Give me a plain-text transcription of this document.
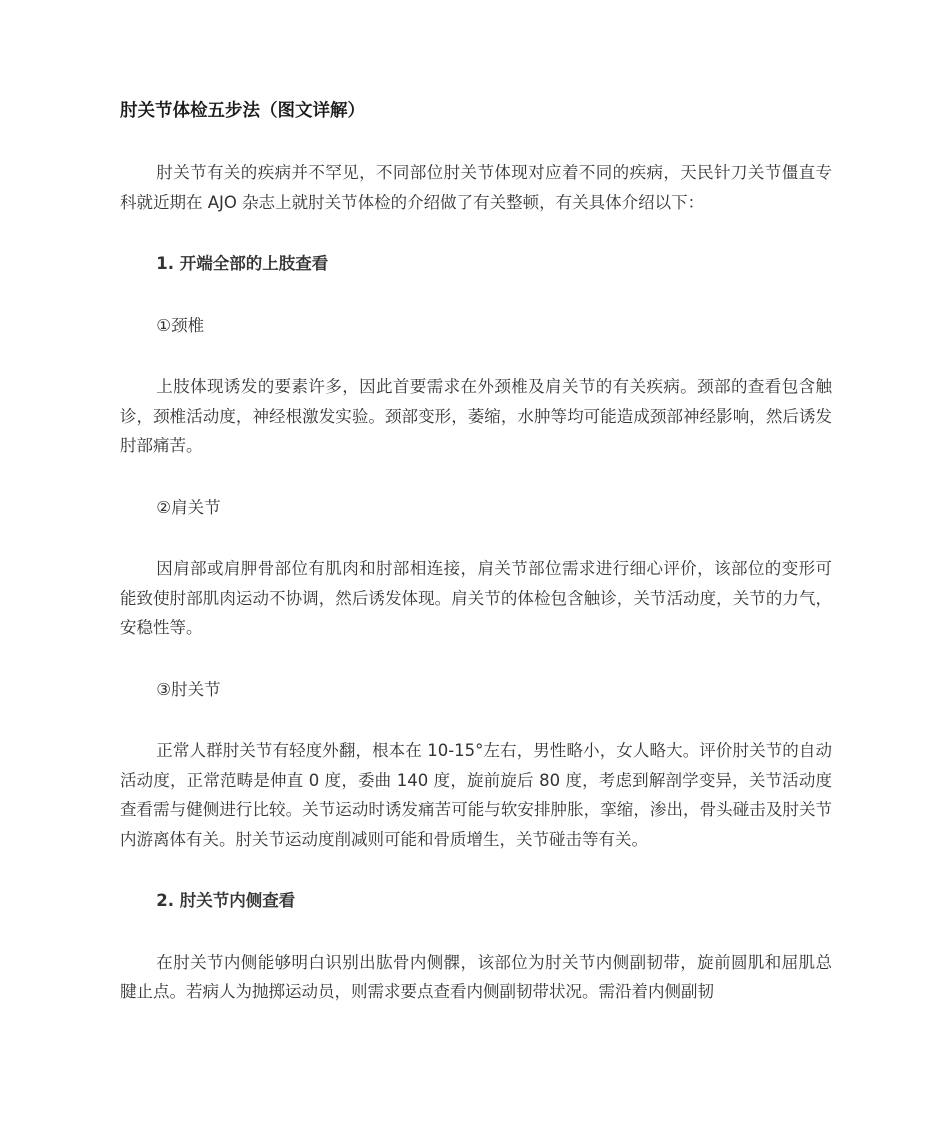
肘关节体检五步法（图文详解）

肘关节有关的疾病并不罕见，不同部位肘关节体现对应着不同的疾病，天民针刀关节僵直专科就近期在 AJO 杂志上就肘关节体检的介绍做了有关整顿，有关具体介绍以下：

1. 开端全部的上肢查看

①颈椎

上肢体现诱发的要素许多，因此首要需求在外颈椎及肩关节的有关疾病。颈部的查看包含触诊，颈椎活动度，神经根激发实验。颈部变形，萎缩，水肿等均可能造成颈部神经影响，然后诱发肘部痛苦。

②肩关节

因肩部或肩胛骨部位有肌肉和肘部相连接，肩关节部位需求进行细心评价，该部位的变形可能致使肘部肌肉运动不协调，然后诱发体现。肩关节的体检包含触诊，关节活动度，关节的力气，安稳性等。

③肘关节

正常人群肘关节有轻度外翻，根本在 10-15°左右，男性略小，女人略大。评价肘关节的自动活动度，正常范畴是伸直 0 度，委曲 140 度，旋前旋后 80 度，考虑到解剖学变异，关节活动度查看需与健侧进行比较。关节运动时诱发痛苦可能与软安排肿胀，挛缩，渗出，骨头碰击及肘关节内游离体有关。肘关节运动度削减则可能和骨质增生，关节碰击等有关。

2. 肘关节内侧查看

在肘关节内侧能够明白识别出肱骨内侧髁，该部位为肘关节内侧副韧带，旋前圆肌和屈肌总腱止点。若病人为抛掷运动员，则需求要点查看内侧副韧带状况。需沿着内侧副韧
